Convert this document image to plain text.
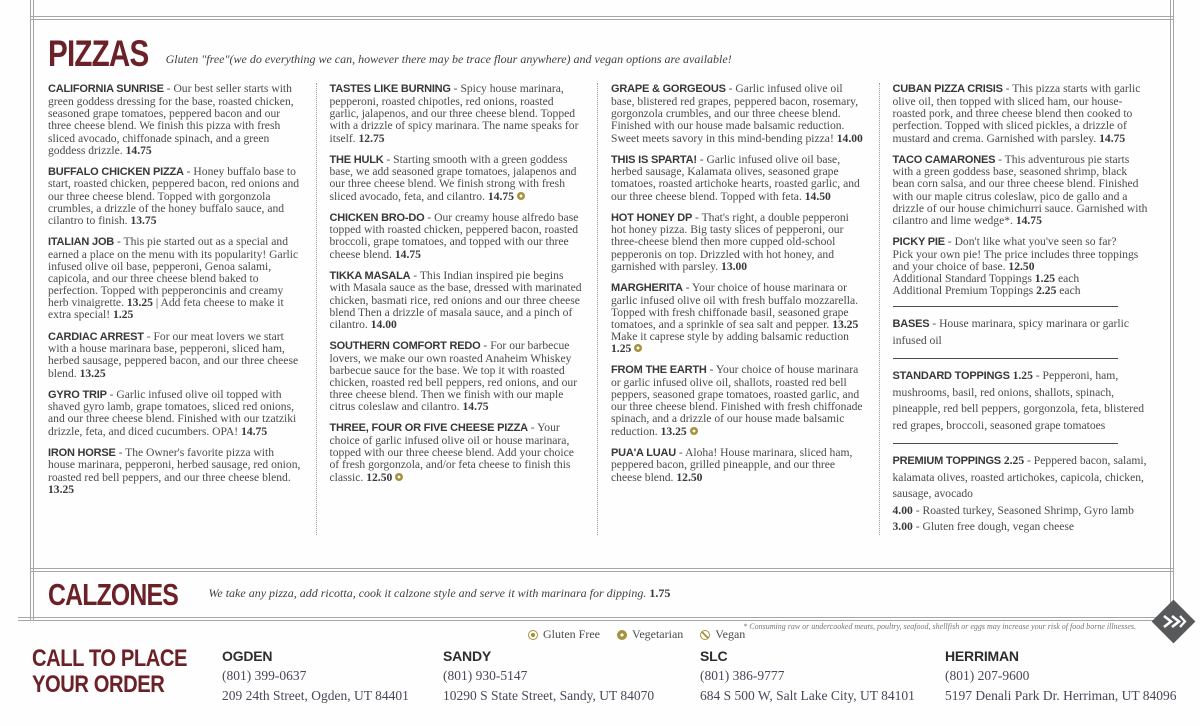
PIZZAS Gluten "free"(we do everything we can, however there may be trace flour anywhere) and vegan options are available!
CALIFORNIA SUNRISE - Our best seller starts with green goddess dressing for the base, roasted chicken, seasoned grape tomatoes, peppered bacon and our three cheese blend. We finish this pizza with fresh sliced avocado, chiffonade spinach, and a green goddess drizzle. 14.75
BUFFALO CHICKEN PIZZA - Honey buffalo base to start, roasted chicken, peppered bacon, red onions and our three cheese blend. Topped with gorgonzola crumbles, a drizzle of the honey buffalo sauce, and cilantro to finish. 13.75
ITALIAN JOB - This pie started out as a special and earned a place on the menu with its popularity! Garlic infused olive oil base, pepperoni, Genoa salami, capicola, and our three cheese blend baked to perfection. Topped with pepperoncinis and creamy herb vinaigrette. 13.25 | Add feta cheese to make it extra special! 1.25
CARDIAC ARREST - For our meat lovers we start with a house marinara base, pepperoni, sliced ham, herbed sausage, peppered bacon, and our three cheese blend. 13.25
GYRO TRIP - Garlic infused olive oil topped with shaved gyro lamb, grape tomatoes, sliced red onions, and our three cheese blend. Finished with our tzatziki drizzle, feta, and diced cucumbers. OPA! 14.75
IRON HORSE - The Owner's favorite pizza with house marinara, pepperoni, herbed sausage, red onion, roasted red bell peppers, and our three cheese blend. 13.25
TASTES LIKE BURNING - Spicy house marinara, pepperoni, roasted chipotles, red onions, roasted garlic, jalapenos, and our three cheese blend. Topped with a drizzle of spicy marinara. The name speaks for itself. 12.75
THE HULK - Starting smooth with a green goddess base, we add seasoned grape tomatoes, jalapenos and our three cheese blend. We finish strong with fresh sliced avocado, feta, and cilantro. 14.75
CHICKEN BRO-DO - Our creamy house alfredo base topped with roasted chicken, peppered bacon, roasted broccoli, grape tomatoes, and topped with our three cheese blend. 14.75
TIKKA MASALA - This Indian inspired pie begins with Masala sauce as the base, dressed with marinated chicken, basmati rice, red onions and our three cheese blend Then a drizzle of masala sauce, and a pinch of cilantro. 14.00
SOUTHERN COMFORT REDO - For our barbecue lovers, we make our own roasted Anaheim Whiskey barbecue sauce for the base. We top it with roasted chicken, roasted red bell peppers, red onions, and our three cheese blend. Then we finish with our maple citrus coleslaw and cilantro. 14.75
THREE, FOUR OR FIVE CHEESE PIZZA - Your choice of garlic infused olive oil or house marinara, topped with our three cheese blend. Add your choice of fresh gorgonzola, and/or feta cheese to finish this classic. 12.50
GRAPE & GORGEOUS - Garlic infused olive oil base, blistered red grapes, peppered bacon, rosemary, gorgonzola crumbles, and our three cheese blend. Finished with our house made balsamic reduction. Sweet meets savory in this mind-bending pizza! 14.00
THIS IS SPARTA! - Garlic infused olive oil base, herbed sausage, Kalamata olives, seasoned grape tomatoes, roasted artichoke hearts, roasted garlic, and our three cheese blend. Topped with feta. 14.50
HOT HONEY DP - That's right, a double pepperoni hot honey pizza. Big tasty slices of pepperoni, our three-cheese blend then more cupped old-school pepperonis on top. Drizzled with hot honey, and garnished with parsley. 13.00
MARGHERITA - Your choice of house marinara or garlic infused olive oil with fresh buffalo mozzarella. Topped with fresh chiffonade basil, seasoned grape tomatoes, and a sprinkle of sea salt and pepper. 13.25 Make it caprese style by adding balsamic reduction 1.25
FROM THE EARTH - Your choice of house marinara or garlic infused olive oil, shallots, roasted red bell peppers, seasoned grape tomatoes, roasted garlic, and our three cheese blend. Finished with fresh chiffonade spinach, and a drizzle of our house made balsamic reduction. 13.25
PUA'A LUAU - Aloha! House marinara, sliced ham, peppered bacon, grilled pineapple, and our three cheese blend. 12.50
CUBAN PIZZA CRISIS - This pizza starts with garlic olive oil, then topped with sliced ham, our house-roasted pork, and three cheese blend then cooked to perfection. Topped with sliced pickles, a drizzle of mustard and crema. Garnished with parsley. 14.75
TACO CAMARONES - This adventurous pie starts with a green goddess base, seasoned shrimp, black bean corn salsa, and our three cheese blend. Finished with our maple citrus coleslaw, pico de gallo and a drizzle of our house chimichurri sauce. Garnished with cilantro and lime wedge*. 14.75
PICKY PIE - Don't like what you've seen so far?
Pick your own pie! The price includes three toppings and your choice of base. 12.50
Additional Standard Toppings 1.25 each
Additional Premium Toppings 2.25 each
BASES - House marinara, spicy marinara or garlic infused oil
STANDARD TOPPINGS 1.25 - Pepperoni, ham, mushrooms, basil, red onions, shallots, spinach, pineapple, red bell peppers, gorgonzola, feta, blistered red grapes, broccoli, seasoned grape tomatoes
PREMIUM TOPPINGS 2.25 - Peppered bacon, salami, kalamata olives, roasted artichokes, capicola, chicken, sausage, avocado
4.00 - Roasted turkey, Seasoned Shrimp, Gyro lamb
3.00 - Gluten free dough, vegan cheese
CALZONES	We take any pizza, add ricotta, cook it calzone style and serve it with marinara for dipping. 1.75
Gluten Free	Vegetarian	Vegan
* Consuming raw or undercooked meats, poultry, seafood, shellfish or eggs may increase your risk of food borne illnesses.
CALL TO PLACE
YOUR ORDER
OGDEN
(801) 399-0637
209 24th Street, Ogden, UT 84401
SANDY
(801) 930-5147
10290 S State Street, Sandy, UT 84070
SLC
(801) 386-9777
684 S 500 W, Salt Lake City, UT 84101
HERRIMAN
(801) 207-9600
5197 Denali Park Dr. Herriman, UT 84096
